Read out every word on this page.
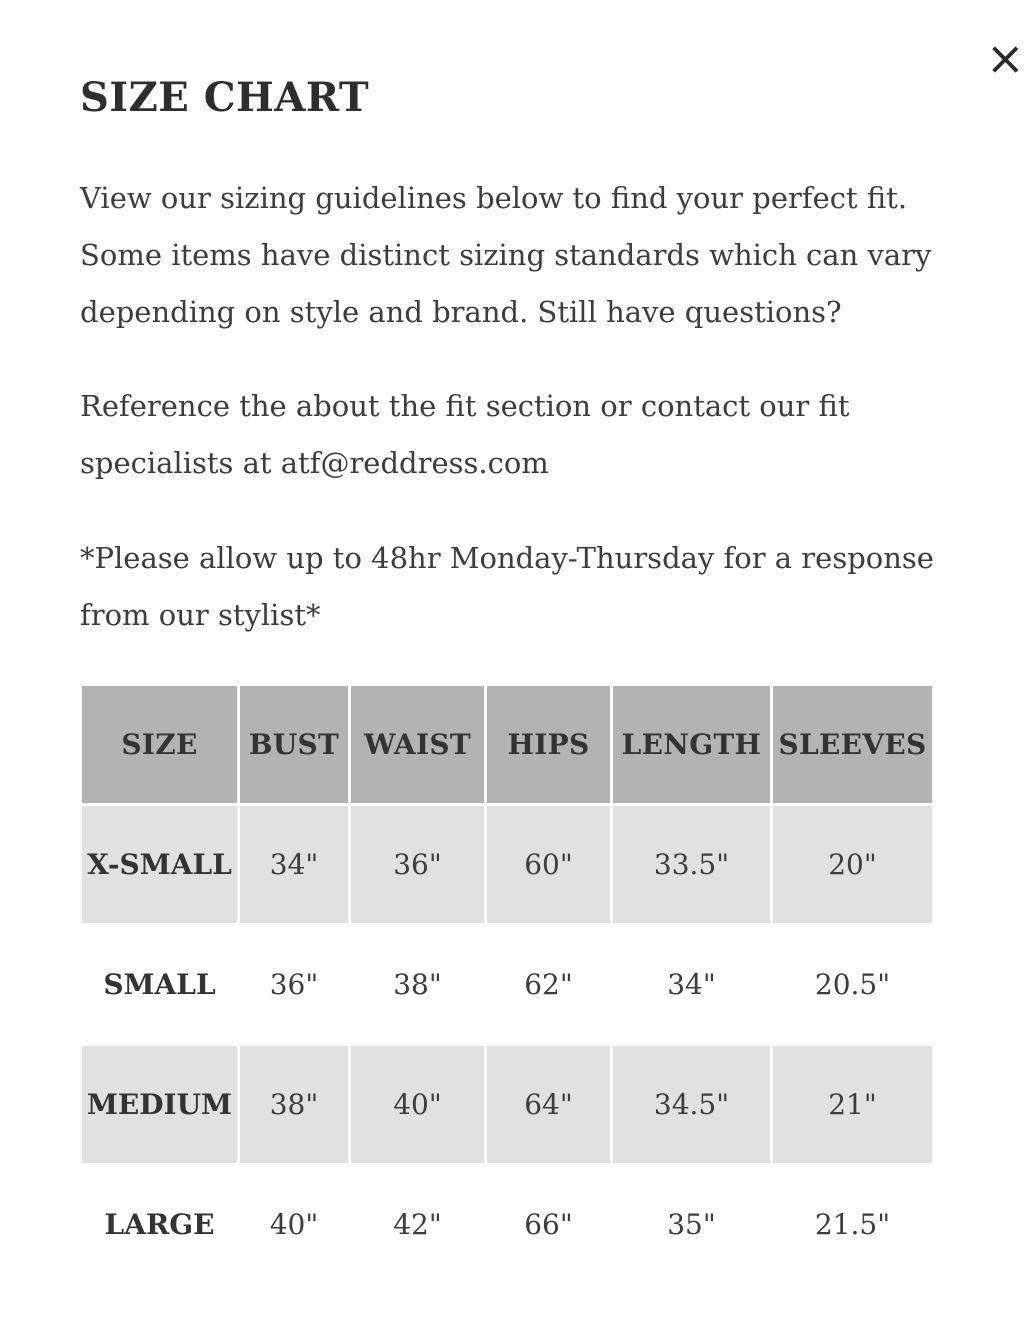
×
SIZE CHART

View our sizing guidelines below to find your perfect fit. Some items have distinct sizing standards which can vary depending on style and brand. Still have questions?

Reference the about the fit section or contact our fit specialists at atf@reddress.com

*Please allow up to 48hr Monday-Thursday for a response from our stylist*

SIZE	BUST	WAIST	HIPS	LENGTH	SLEEVES
X-SMALL	34"	36"	60"	33.5"	20"
SMALL	36"	38"	62"	34"	20.5"
MEDIUM	38"	40"	64"	34.5"	21"
LARGE	40"	42"	66"	35"	21.5"
